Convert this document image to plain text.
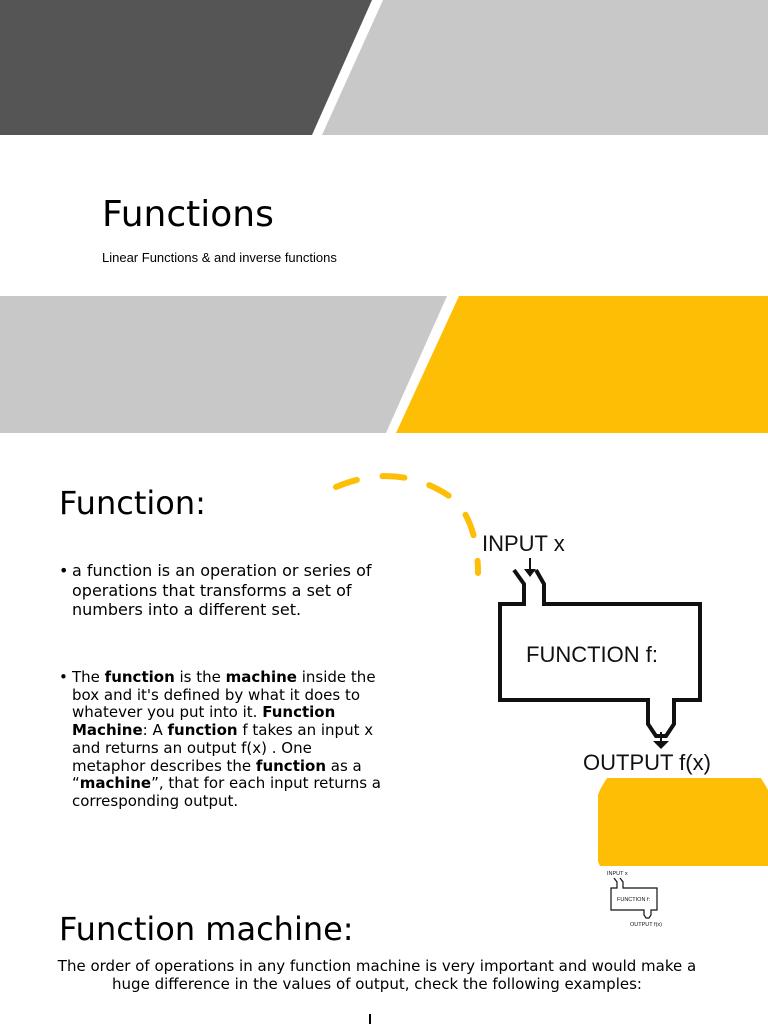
Functions
Linear Functions & and inverse functions
Function:
• a function is an operation or series of operations that transforms a set of numbers into a different set.
• The function is the machine inside the box and it's defined by what it does to whatever you put into it. Function Machine: A function f takes an input x and returns an output f(x) . One metaphor describes the function as a “machine”, that for each input returns a corresponding output.
INPUT x
FUNCTION f:
OUTPUT f(x)
INPUT x
FUNCTION f:
OUTPUT f(x)
Function machine:
The order of operations in any function machine is very important and would make a huge difference in the values of output, check the following examples:
